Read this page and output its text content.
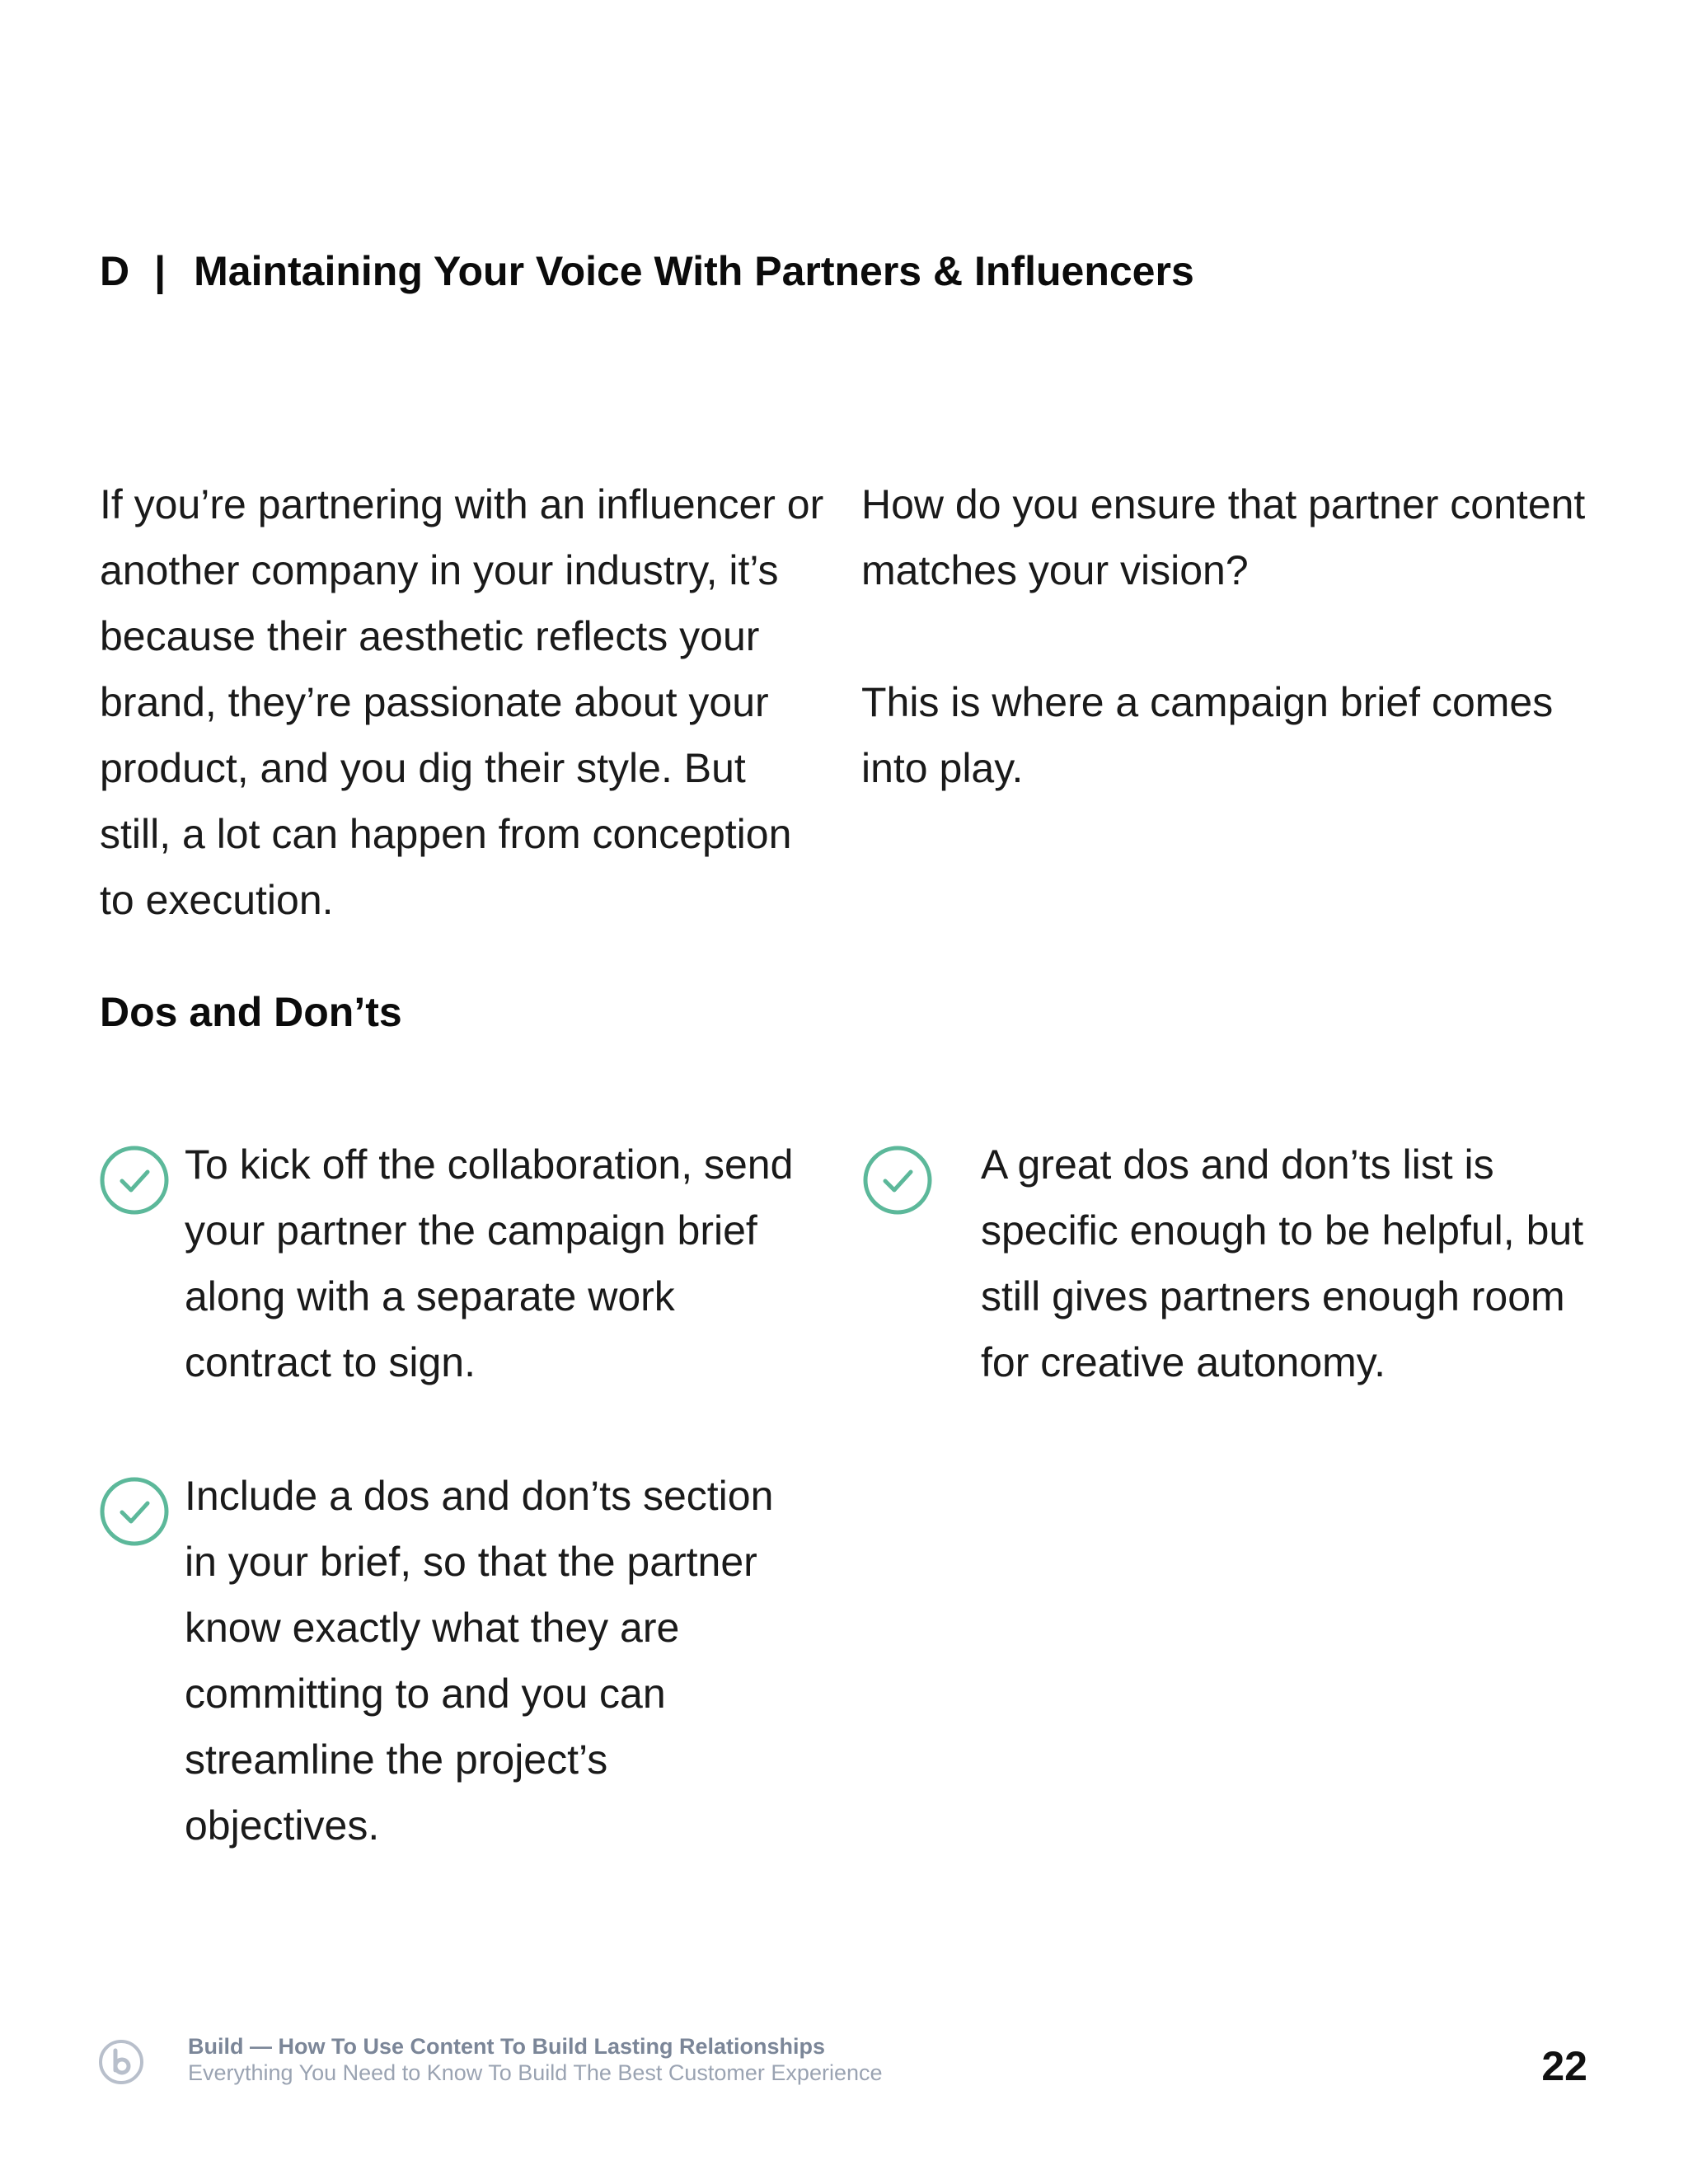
D | Maintaining Your Voice With Partners & Influencers

If you’re partnering with an influencer or another company in your industry, it’s because their aesthetic reflects your brand, they’re passionate about your product, and you dig their style. But still, a lot can happen from conception to execution.

How do you ensure that partner content matches your vision?

This is where a campaign brief comes into play.

Dos and Don’ts

To kick off the collaboration, send your partner the campaign brief along with a separate work contract to sign.

A great dos and don’ts list is specific enough to be helpful, but still gives partners enough room for creative autonomy.

Include a dos and don’ts section in your brief, so that the partner know exactly what they are committing to and you can streamline the project’s objectives.

Build — How To Use Content To Build Lasting Relationships
Everything You Need to Know To Build The Best Customer Experience	22
